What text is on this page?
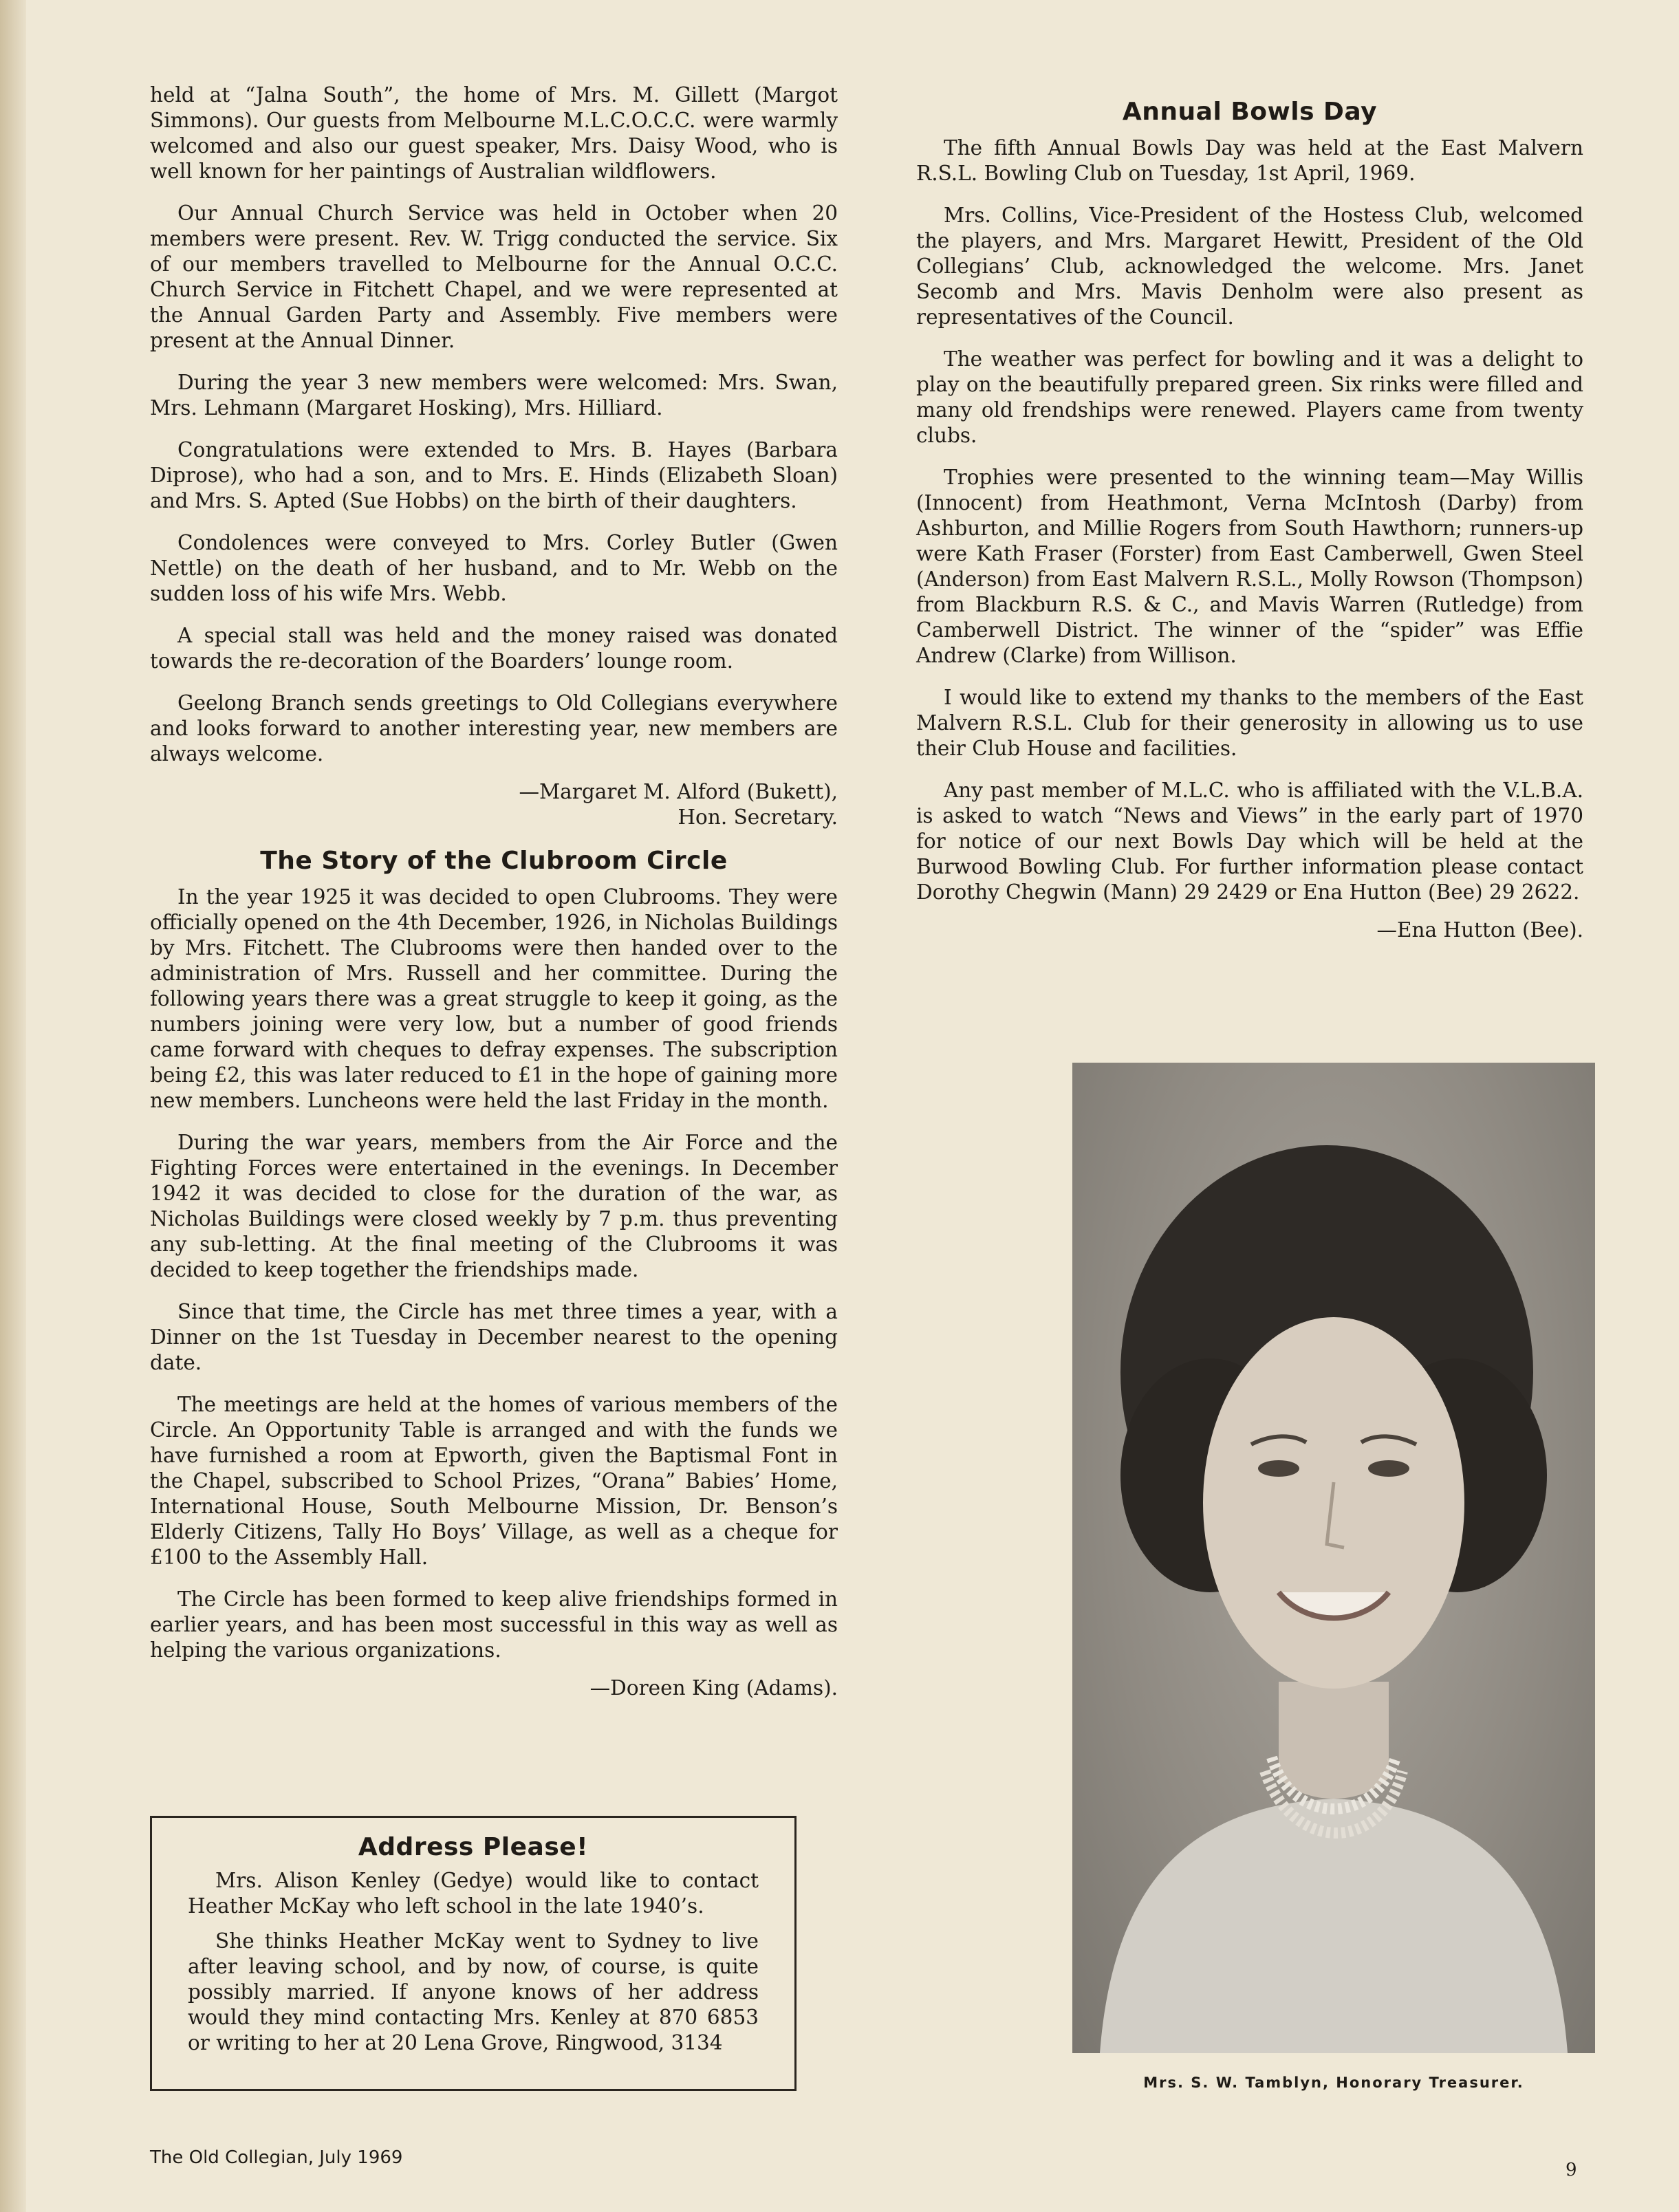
held at “Jalna South”, the home of Mrs. M. Gillett (Margot Simmons). Our guests from Melbourne M.L.C.O.C.C. were warmly welcomed and also our guest speaker, Mrs. Daisy Wood, who is well known for her paintings of Australian wildflowers.

Our Annual Church Service was held in October when 20 members were present. Rev. W. Trigg conducted the service. Six of our members travelled to Melbourne for the Annual O.C.C. Church Service in Fitchett Chapel, and we were represented at the Annual Garden Party and Assembly. Five members were present at the Annual Dinner.

During the year 3 new members were welcomed: Mrs. Swan, Mrs. Lehmann (Margaret Hosking), Mrs. Hilliard.

Congratulations were extended to Mrs. B. Hayes (Barbara Diprose), who had a son, and to Mrs. E. Hinds (Elizabeth Sloan) and Mrs. S. Apted (Sue Hobbs) on the birth of their daughters.

Condolences were conveyed to Mrs. Corley Butler (Gwen Nettle) on the death of her husband, and to Mr. Webb on the sudden loss of his wife Mrs. Webb.

A special stall was held and the money raised was donated towards the re-decoration of the Boarders’ lounge room.

Geelong Branch sends greetings to Old Collegians everywhere and looks forward to another interesting year, new members are always welcome.

—Margaret M. Alford (Bukett),
Hon. Secretary.
The Story of the Clubroom Circle

In the year 1925 it was decided to open Clubrooms. They were officially opened on the 4th December, 1926, in Nicholas Buildings by Mrs. Fitchett. The Clubrooms were then handed over to the administration of Mrs. Russell and her committee. During the following years there was a great struggle to keep it going, as the numbers joining were very low, but a number of good friends came forward with cheques to defray expenses. The subscription being £2, this was later reduced to £1 in the hope of gaining more new members. Luncheons were held the last Friday in the month.

During the war years, members from the Air Force and the Fighting Forces were entertained in the evenings. In December 1942 it was decided to close for the duration of the war, as Nicholas Buildings were closed weekly by 7 p.m. thus preventing any sub-letting. At the final meeting of the Clubrooms it was decided to keep together the friendships made.

Since that time, the Circle has met three times a year, with a Dinner on the 1st Tuesday in December nearest to the opening date.

The meetings are held at the homes of various members of the Circle. An Opportunity Table is arranged and with the funds we have furnished a room at Epworth, given the Baptismal Font in the Chapel, subscribed to School Prizes, “Orana” Babies’ Home, International House, South Melbourne Mission, Dr. Benson’s Elderly Citizens, Tally Ho Boys’ Village, as well as a cheque for £100 to the Assembly Hall.

The Circle has been formed to keep alive friendships formed in earlier years, and has been most successful in this way as well as helping the various organizations.

—Doreen King (Adams).
Address Please!

Mrs. Alison Kenley (Gedye) would like to contact Heather McKay who left school in the late 1940’s.

She thinks Heather McKay went to Sydney to live after leaving school, and by now, of course, is quite possibly married. If anyone knows of her address would they mind contacting Mrs. Kenley at 870 6853 or writing to her at 20 Lena Grove, Ringwood, 3134

Annual Bowls Day

The fifth Annual Bowls Day was held at the East Malvern R.S.L. Bowling Club on Tuesday, 1st April, 1969.

Mrs. Collins, Vice-President of the Hostess Club, welcomed the players, and Mrs. Margaret Hewitt, President of the Old Collegians’ Club, acknowledged the welcome. Mrs. Janet Secomb and Mrs. Mavis Denholm were also present as representatives of the Council.

The weather was perfect for bowling and it was a delight to play on the beautifully prepared green. Six rinks were filled and many old frendships were renewed. Players came from twenty clubs.

Trophies were presented to the winning team—May Willis (Innocent) from Heathmont, Verna McIntosh (Darby) from Ashburton, and Millie Rogers from South Hawthorn; runners-up were Kath Fraser (Forster) from East Camberwell, Gwen Steel (Anderson) from East Malvern R.S.L., Molly Rowson (Thompson) from Blackburn R.S. & C., and Mavis Warren (Rutledge) from Camberwell District. The winner of the “spider” was Effie Andrew (Clarke) from Willison.

I would like to extend my thanks to the members of the East Malvern R.S.L. Club for their generosity in allowing us to use their Club House and facilities.

Any past member of M.L.C. who is affiliated with the V.L.B.A. is asked to watch “News and Views” in the early part of 1970 for notice of our next Bowls Day which will be held at the Burwood Bowling Club. For further information please contact Dorothy Chegwin (Mann) 29 2429 or Ena Hutton (Bee) 29 2622.

—Ena Hutton (Bee).
Mrs. S. W. Tamblyn, Honorary Treasurer.
The Old Collegian, July 1969
9
